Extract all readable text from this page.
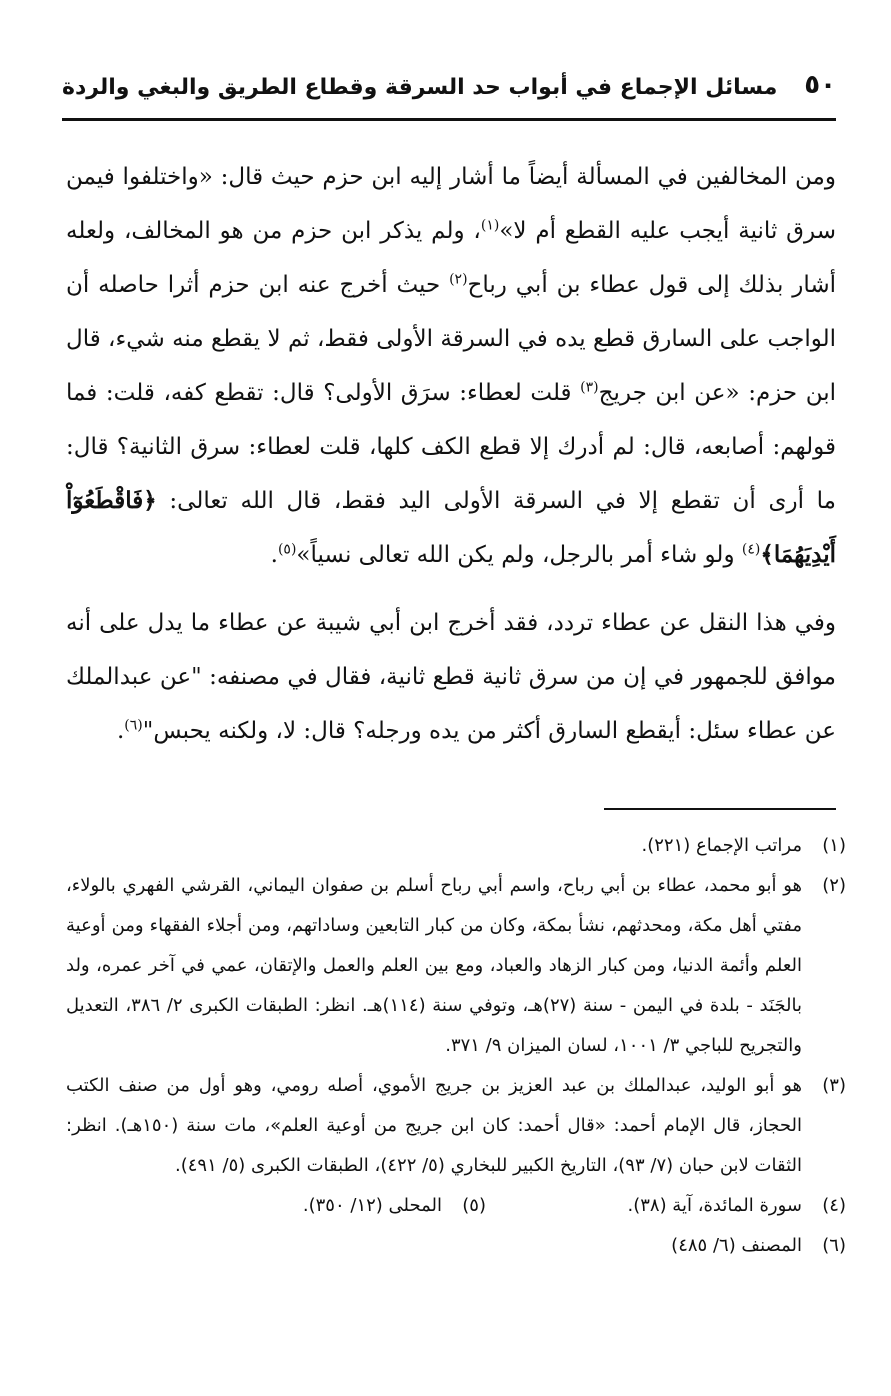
٥٠
مسائل الإجماع في أبواب حد السرقة وقطاع الطريق والبغي والردة

ومن المخالفين في المسألة أيضاً ما أشار إليه ابن حزم حيث قال: «واختلفوا فيمن سرق ثانية أيجب عليه القطع أم لا»$^{(١)}$، ولم يذكر ابن حزم من هو المخالف، ولعله أشار بذلك إلى قول عطاء بن أبي رباح$^{(٢)}$ حيث أخرج عنه ابن حزم أثرا حاصله أن الواجب على السارق قطع يده في السرقة الأولى فقط، ثم لا يقطع منه شيء، قال ابن حزم: «عن ابن جريج$^{(٣)}$ قلت لعطاء: سرَق الأولى؟ قال: تقطع كفه، قلت: فما قولهم: أصابعه، قال: لم أدرك إلا قطع الكف كلها، قلت لعطاء: سرق الثانية؟ قال: ما أرى أن تقطع إلا في السرقة الأولى اليد فقط، قال الله تعالى: ﴿فَاقْطَعُوٓاْ أَيْدِيَهُمَا﴾$^{(٤)}$ ولو شاء أمر بالرجل، ولم يكن الله تعالى نسياً»$^{(٥)}$.

وفي هذا النقل عن عطاء تردد، فقد أخرج ابن أبي شيبة عن عطاء ما يدل على أنه موافق للجمهور في إن من سرق ثانية قطع ثانية، فقال في مصنفه: "عن عبدالملك عن عطاء سئل: أيقطع السارق أكثر من يده ورجله؟ قال: لا، ولكنه يحبس"$^{(٦)}$.

(١)
مراتب الإجماع (٢٢١).
(٢)
هو أبو محمد، عطاء بن أبي رباح، واسم أبي رباح أسلم بن صفوان اليماني، القرشي الفهري بالولاء، مفتي أهل مكة، ومحدثهم، نشأ بمكة، وكان من كبار التابعين وساداتهم، ومن أجلاء الفقهاء ومن أوعية العلم وأئمة الدنيا، ومن كبار الزهاد والعباد، ومع بين العلم والعمل والإتقان، عمي في آخر عمره، ولد بالجَنَد - بلدة في اليمن - سنة (٢٧)هـ، وتوفي سنة (١١٤)هـ. انظر: الطبقات الكبرى ٢/ ٣٨٦، التعديل والتجريح للباجي ٣/ ١٠٠١، لسان الميزان ٩/ ٣٧١.
(٣)
هو أبو الوليد، عبدالملك بن عبد العزيز بن جريج الأموي، أصله رومي، وهو أول من صنف الكتب الحجاز، قال الإمام أحمد: «قال أحمد: كان ابن جريج من أوعية العلم»، مات سنة (١٥٠هـ). انظر: الثقات لابن حبان (٧/ ٩٣)، التاريخ الكبير للبخاري (٥/ ٤٢٢)، الطبقات الكبرى (٥/ ٤٩١).
(٤)
سورة المائدة، آية (٣٨).
(٥)
المحلى (١٢/ ٣٥٠).
(٦)
المصنف (٦/ ٤٨٥)
